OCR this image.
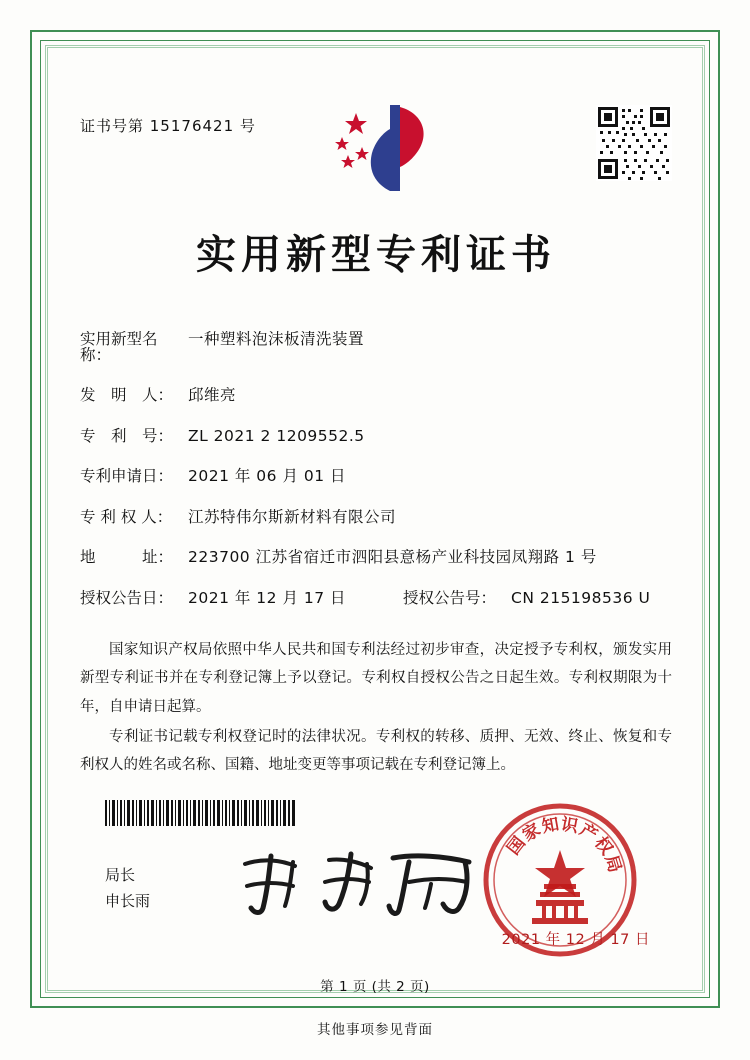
证书号第 15176421 号
实用新型专利证书
实用新型名称：
一种塑料泡沫板清洗装置
发　明　人： 邱维亮
专　利　号： ZL 2021 2 1209552.5
专利申请日： 2021 年 06 月 01 日
专 利 权 人：	江苏特伟尔斯新材料有限公司
地　　　址： 223700 江苏省宿迁市泗阳县意杨产业科技园凤翔路 1 号
授权公告日： 2021 年 12 月 17 日	授权公告号： CN 215198536 U

国家知识产权局依照中华人民共和国专利法经过初步审查，决定授予专利权，颁发实用新型专利证书并在专利登记簿上予以登记。专利权自授权公告之日起生效。专利权期限为十年，自申请日起算。

专利证书记载专利权登记时的法律状况。专利权的转移、质押、无效、终止、恢复和专利权人的姓名或名称、国籍、地址变更等事项记载在专利登记簿上。

局长
申长雨
国
家
知
识
产
权
局
2021 年 12 月 17 日
第 1 页 (共 2 页)
其他事项参见背面
